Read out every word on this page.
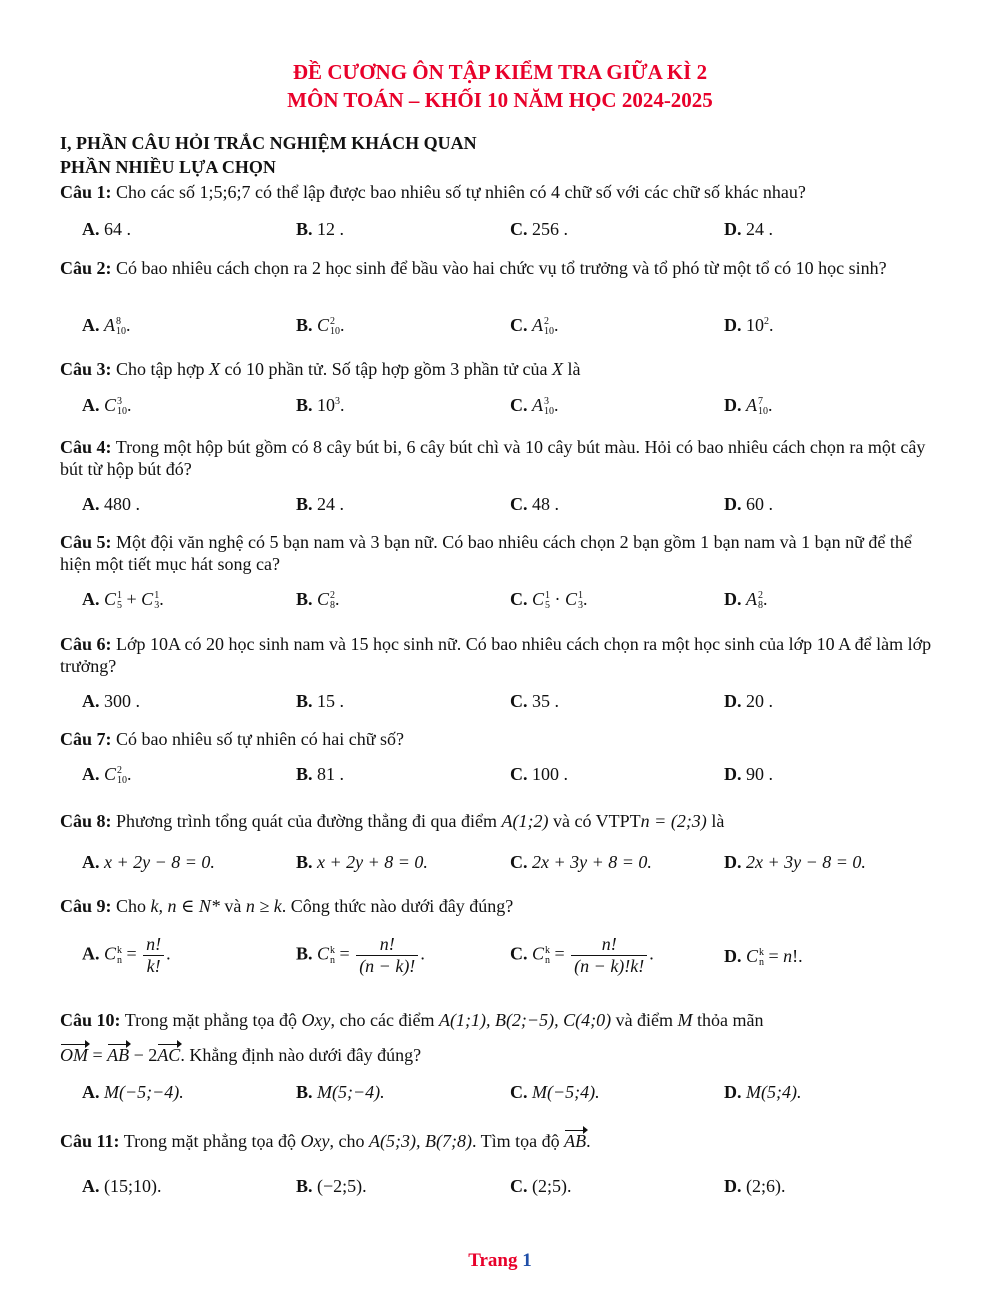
ĐỀ CƯƠNG ÔN TẬP KIỂM TRA GIỮA KÌ 2
MÔN TOÁN – KHỐI 10 NĂM HỌC 2024-2025
I, PHẦN CÂU HỎI TRẮC NGHIỆM KHÁCH QUAN
PHẦN NHIỀU LỰA CHỌN
Câu 1: Cho các số 1;5;6;7 có thể lập được bao nhiêu số tự nhiên có 4 chữ số với các chữ số khác nhau?
A. 64 .	B. 12 .	C. 256 .	D. 24 .
Câu 2: Có bao nhiêu cách chọn ra 2 học sinh để bầu vào hai chức vụ tổ trưởng và tổ phó từ một tổ có 10 học sinh?
A. A 8
10 .	B. C 2
10 .	C. A 2
10 .	D. $10^2$.
Câu 3: Cho tập hợp X có 10 phần tử. Số tập hợp gồm 3 phần tử của X là
A. C 3
10 .	B. $10^3$.	C. A 3
10 .	D. A 7
10 .
Câu 4: Trong một hộp bút gồm có 8 cây bút bi, 6 cây bút chì và 10 cây bút màu. Hỏi có bao nhiêu cách chọn ra một cây bút từ hộp bút đó?
A. 480 .	B. 24 .	C. 48 .	D. 60 .
Câu 5: Một đội văn nghệ có 5 bạn nam và 3 bạn nữ. Có bao nhiêu cách chọn 2 bạn gồm 1 bạn nam và 1 bạn nữ để thể hiện một tiết mục hát song ca?
A. C 1
5 + C 1
3 .	B. C 2
8 .	C. C 1
5 · C 1
3 .	D. A 2
8 .
Câu 6: Lớp 10A có 20 học sinh nam và 15 học sinh nữ. Có bao nhiêu cách chọn ra một học sinh của lớp 10 A để làm lớp trưởng?
A. 300 .	B. 15 .	C. 35 .	D. 20 .
Câu 7: Có bao nhiêu số tự nhiên có hai chữ số?
A. C 2
10 .	B. 81 .	C. 100 .	D. 90 .
Câu 8: Phương trình tổng quát của đường thẳng đi qua điểm A(1;2) và có VTPTn = (2;3) là
A. x + 2y − 8 = 0.	B. x + 2y + 8 = 0.	C. 2x + 3y + 8 = 0.	D. 2x + 3y − 8 = 0.
Câu 9: Cho k, n ∈ N* và n ≥ k. Công thức nào dưới đây đúng?
A. C k
$n = \frac{n!}{k!}$ .	B. C k
$n = \frac{n!}{(n - k)!}$ .	C. C k
$n = \frac{n!}{(n - k)!k!}$ .	D. C k
n = n!.
Câu 10: Trong mặt phẳng tọa độ Oxy, cho các điểm A(1;1), B(2;−5), C(4;0) và điểm M thỏa mãn
OM = AB − 2AC. Khẳng định nào dưới đây đúng?
A. M(−5;−4).	B. M(5;−4).	C. M(−5;4).	D. M(5;4).
Câu 11: Trong mặt phẳng tọa độ Oxy, cho A(5;3), B(7;8). Tìm tọa độ AB.
A. (15;10).	B. (−2;5).	C. (2;5).	D. (2;6).
Trang 1
